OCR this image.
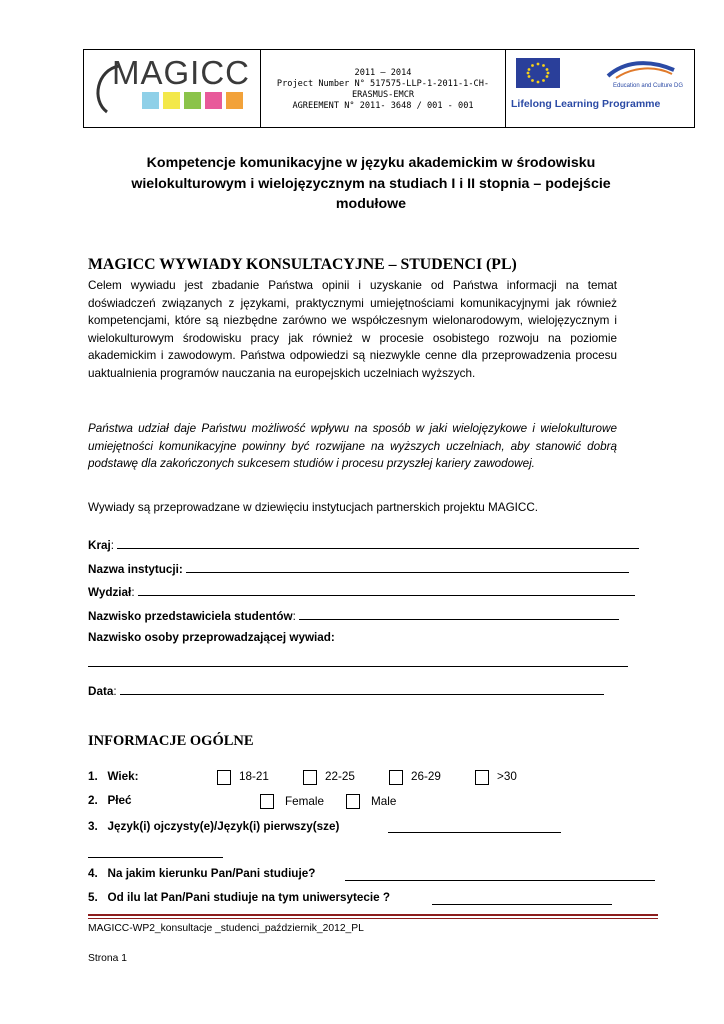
MAGICC	2011 – 2014
Project Number N° 517575-LLP-1-2011-1-CH-
ERASMUS-EMCR
AGREEMENT N° 2011- 3648 / 001 - 001
Education and Culture DG
Lifelong Learning Programme
Kompetencje komunikacyjne w języku akademickim w środowisku wielokulturowym i wielojęzycznym na studiach I i II stopnia – podejście modułowe
MAGICC WYWIADY KONSULTACYJNE – STUDENCI (PL)
Celem wywiadu jest zbadanie Państwa opinii i uzyskanie od Państwa informacji na temat doświadczeń związanych z językami, praktycznymi umiejętnościami komunikacyjnymi jak również kompetencjami, które są niezbędne zarówno we współczesnym wielonarodowym, wielojęzycznym i wielokulturowym środowisku pracy jak również w procesie osobistego rozwoju na poziomie akademickim i zawodowym. Państwa odpowiedzi są niezwykle cenne dla przeprowadzenia procesu uaktualnienia programów nauczania na europejskich uczelniach wyższych.
Państwa udział daje Państwu możliwość wpływu na sposób w jaki wielojęzykowe i wielokulturowe umiejętności komunikacyjne powinny być rozwijane na wyższych uczelniach, aby stanowić dobrą podstawę dla zakończonych sukcesem studiów i procesu przyszłej kariery zawodowej.
Wywiady są przeprowadzane w dziewięciu instytucjach partnerskich projektu MAGICC.
Kraj:
Nazwa instytucji:
Wydział:
Nazwisko przedstawiciela studentów:
Nazwisko osoby przeprowadzającej wywiad:
Data:
INFORMACJE OGÓLNE
1. Wiek:	18-21	22-25	26-29	>30
2. Płeć	Female	Male
3. Język(i) ojczysty(e)/Język(i) pierwszy(sze)
4. Na jakim kierunku Pan/Pani studiuje?
5. Od ilu lat Pan/Pani studiuje na tym uniwersytecie ?
MAGICC-WP2_konsultacje _studenci_październik_2012_PL
Strona 1
